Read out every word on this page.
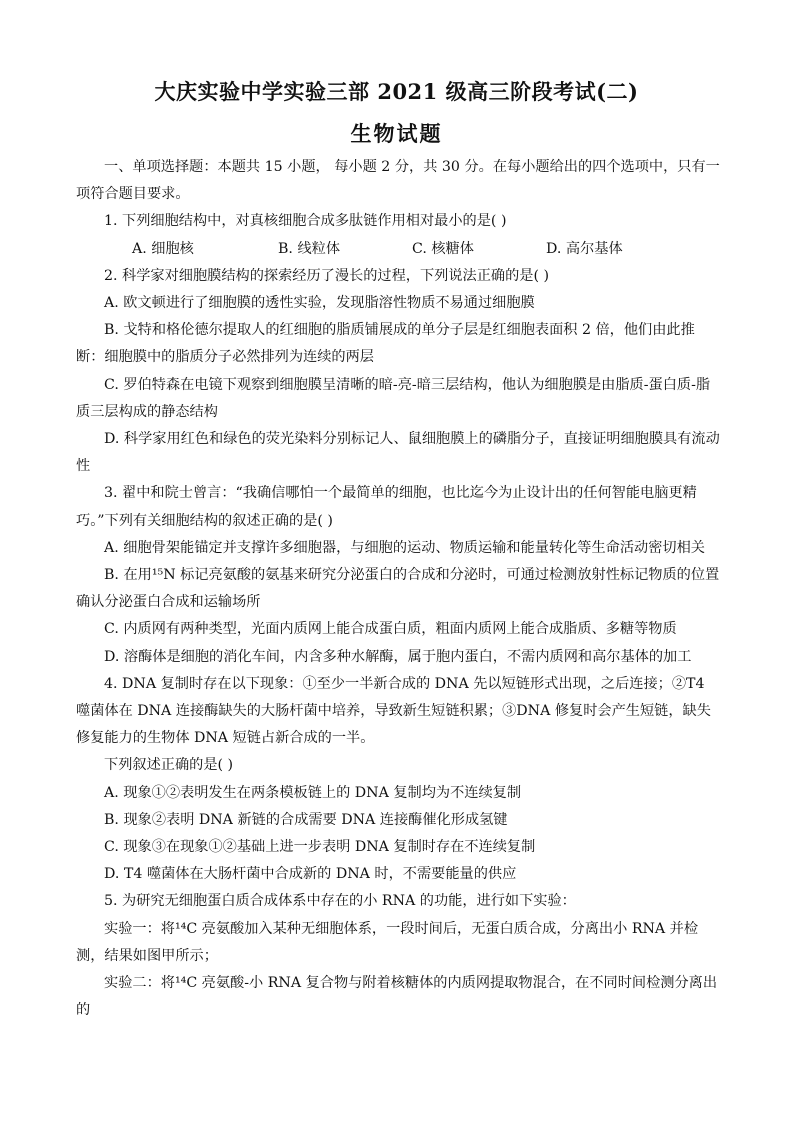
大庆实验中学实验三部 2021 级高三阶段考试(二)
生物试题

一、单项选择题：本题共 15 小题， 每小题 2 分，共 30 分。在每小题给出的四个选项中，只有一项符合题目要求。

1. 下列细胞结构中，对真核细胞合成多肽链作用相对最小的是( )

A. 细胞核	B. 线粒体	C. 核糖体	D. 高尔基体

2. 科学家对细胞膜结构的探索经历了漫长的过程，下列说法正确的是( )

A. 欧文顿进行了细胞膜的透性实验，发现脂溶性物质不易通过细胞膜

B. 戈特和格伦德尔提取人的红细胞的脂质铺展成的单分子层是红细胞表面积 2 倍，他们由此推断：细胞膜中的脂质分子必然排列为连续的两层

C. 罗伯特森在电镜下观察到细胞膜呈清晰的暗-亮-暗三层结构，他认为细胞膜是由脂质-蛋白质-脂质三层构成的静态结构

D. 科学家用红色和绿色的荧光染料分别标记人、鼠细胞膜上的磷脂分子，直接证明细胞膜具有流动性

3. 翟中和院士曾言：“我确信哪怕一个最简单的细胞，也比迄今为止设计出的任何智能电脑更精巧。”下列有关细胞结构的叙述正确的是( )

A. 细胞骨架能锚定并支撑许多细胞器，与细胞的运动、物质运输和能量转化等生命活动密切相关

B. 在用¹⁵N 标记亮氨酸的氨基来研究分泌蛋白的合成和分泌时，可通过检测放射性标记物质的位置确认分泌蛋白合成和运输场所

C. 内质网有两种类型，光面内质网上能合成蛋白质，粗面内质网上能合成脂质、多糖等物质

D. 溶酶体是细胞的消化车间，内含多种水解酶，属于胞内蛋白，不需内质网和高尔基体的加工

4. DNA 复制时存在以下现象：①至少一半新合成的 DNA 先以短链形式出现，之后连接；②T4 噬菌体在 DNA 连接酶缺失的大肠杆菌中培养，导致新生短链积累；③DNA 修复时会产生短链，缺失修复能力的生物体 DNA 短链占新合成的一半。

下列叙述正确的是( )

A. 现象①②表明发生在两条模板链上的 DNA 复制均为不连续复制

B. 现象②表明 DNA 新链的合成需要 DNA 连接酶催化形成氢键

C. 现象③在现象①②基础上进一步表明 DNA 复制时存在不连续复制

D. T4 噬菌体在大肠杆菌中合成新的 DNA 时，不需要能量的供应

5. 为研究无细胞蛋白质合成体系中存在的小 RNA 的功能，进行如下实验：

实验一：将¹⁴C 亮氨酸加入某种无细胞体系，一段时间后，无蛋白质合成，分离出小 RNA 并检测，结果如图甲所示；

实验二：将¹⁴C 亮氨酸-小 RNA 复合物与附着核糖体的内质网提取物混合，在不同时间检测分离出的
